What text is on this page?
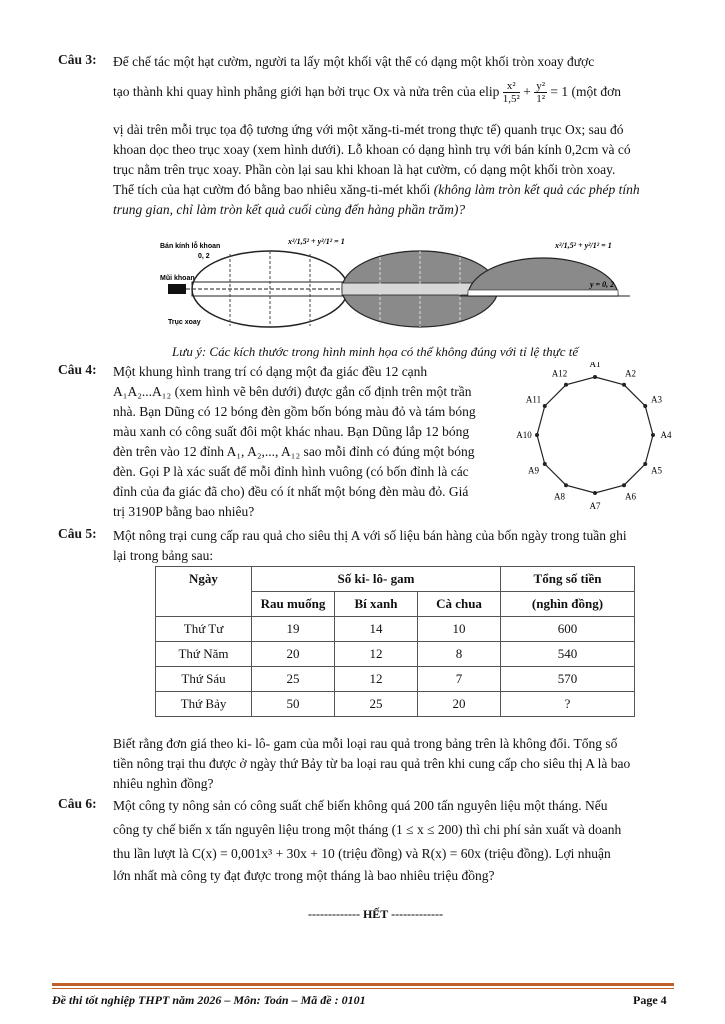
Câu 3: Để chế tác một hạt cườm, người ta lấy một khối vật thể có dạng một khối tròn xoay được
tạo thành khi quay hình phẳng giới hạn bởi trục Ox và nửa trên của elip $\frac{\text{x²}}{\text{1,5²}} + \frac{\text{y²}}{\text{1²}} = 1$ (một đơn
vị dài trên mỗi trục tọa độ tương ứng với một xăng-ti-mét trong thực tế) quanh trục Ox; sau đó
khoan dọc theo trục xoay (xem hình dưới). Lỗ khoan có dạng hình trụ với bán kính 0,2cm và có
trục nằm trên trục xoay. Phần còn lại sau khi khoan là hạt cườm, có dạng một khối tròn xoay.
Thể tích của hạt cườm đó bằng bao nhiêu xăng-ti-mét khối (không làm tròn kết quả các phép tính
trung gian, chỉ làm tròn kết quả cuối cùng đến hàng phần trăm)?
Bán kính lỗ khoan
0, 2
Mũi khoan
Trục xoay
x²/1,5² + y²/1² = 1	x²/1,5² + y²/1² = 1
y = 0, 2
Lưu ý: Các kích thước trong hình minh họa có thể không đúng với tỉ lệ thực tế
Câu 4: Một khung hình trang trí có dạng một đa giác đều 12 cạnh
A₁A₂...A₁₂ (xem hình vẽ bên dưới) được gắn cố định trên một trần
nhà. Bạn Dũng có 12 bóng đèn gồm bốn bóng màu đỏ và tám bóng
màu xanh có công suất đôi một khác nhau. Bạn Dũng lắp 12 bóng
đèn trên vào 12 đỉnh A₁, A₂,..., A₁₂ sao mỗi đỉnh có đúng một bóng
đèn. Gọi P là xác suất để mỗi đỉnh hình vuông (có bốn đỉnh là các
đỉnh của đa giác đã cho) đều có ít nhất một bóng đèn màu đỏ. Giá
trị 3190P bằng bao nhiêu?
A1
A2
A3
A4
A5
A6
A7
A8
A9
A10
A11
A12
Câu 5: Một nông trại cung cấp rau quả cho siêu thị A với số liệu bán hàng của bốn ngày trong tuần ghi
lại trong bảng sau:
Ngày	Số ki- lô- gam			Tổng số tiền
	Rau muống	Bí xanh	Cà chua	(nghìn đồng)
Thứ Tư	19	14	10	600
Thứ Năm	20	12	8	540
Thứ Sáu	25	12	7	570
Thứ Bảy	50	25	20	?
Biết rằng đơn giá theo ki- lô- gam của mỗi loại rau quả trong bảng trên là không đổi. Tổng số
tiền nông trại thu được ở ngày thứ Bảy từ ba loại rau quả trên khi cung cấp cho siêu thị A là bao
nhiêu nghìn đồng?
Câu 6: Một công ty nông sản có công suất chế biến không quá 200 tấn nguyên liệu một tháng. Nếu
công ty chế biến x tấn nguyên liệu trong một tháng (1 ≤ x ≤ 200) thì chi phí sản xuất và doanh
thu lần lượt là C(x) = 0,001x³ + 30x + 10 (triệu đồng) và R(x) = 60x (triệu đồng). Lợi nhuận
lớn nhất mà công ty đạt được trong một tháng là bao nhiêu triệu đồng?
------------- HẾT -------------
Đề thi tốt nghiệp THPT năm 2026 – Môn: Toán – Mã đề : 0101	Page 4
